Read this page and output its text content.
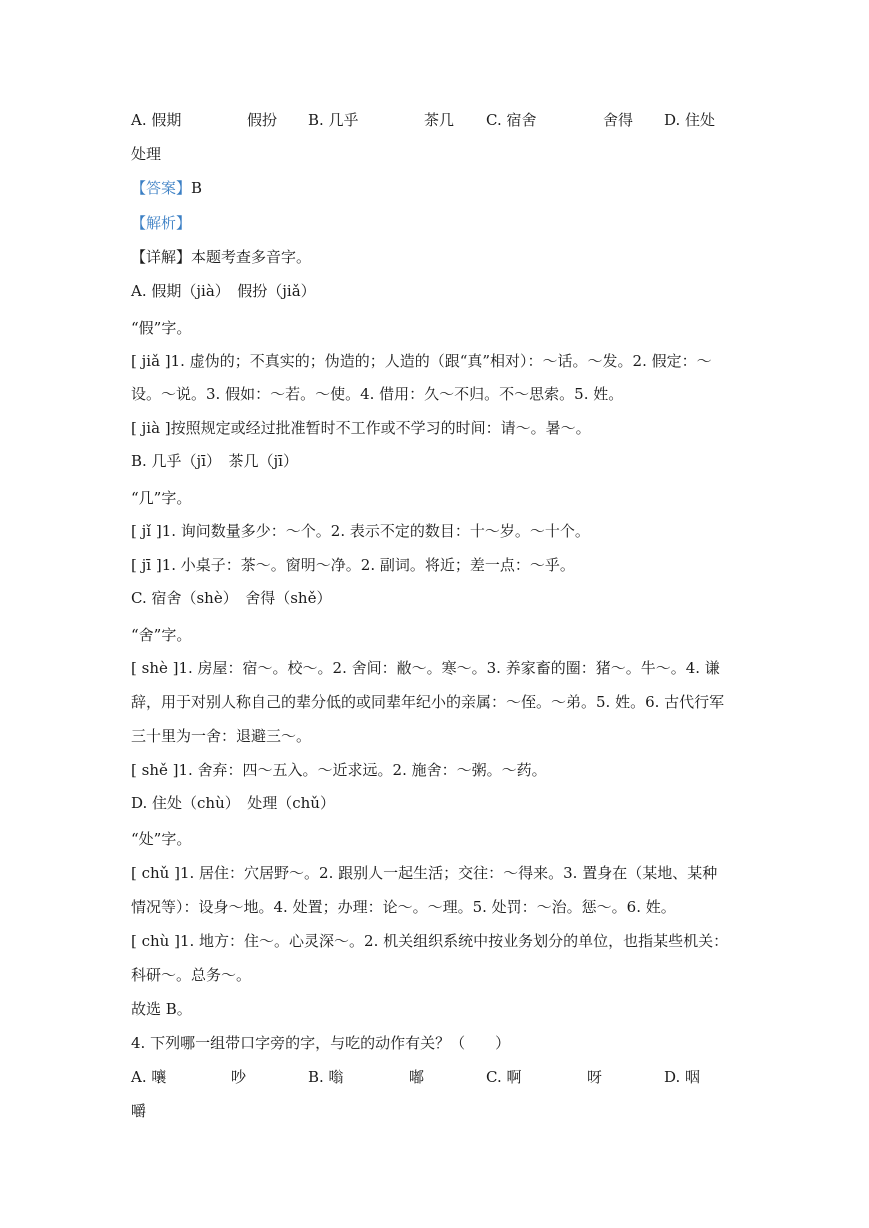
A. 假期	假扮 B. 几乎	茶几 C. 宿舍	舍得 D. 住处
处理
【答案】B
【解析】
【详解】本题考查多音字。
A. 假期（jià）　假扮（jiǎ）
“假”字。
[ jiǎ ]1. 虚伪的；不真实的；伪造的；人造的（跟“真”相对）：～话。～发。2. 假定：～
设。～说。3. 假如：～若。～使。4. 借用：久～不归。不～思索。5. 姓。
[ jià ]按照规定或经过批准暂时不工作或不学习的时间：请～。暑～。
B. 几乎（jī）　茶几（jī）
“几”字。
[ jǐ ]1. 询问数量多少：～个。2. 表示不定的数目：十～岁。～十个。
[ jī ]1. 小桌子：茶～。窗明～净。2. 副词。将近；差一点：～乎。
C. 宿舍（shè）　舍得（shě）
“舍”字。
[ shè ]1. 房屋：宿～。校～。2. 舍间：敝～。寒～。3. 养家畜的圈：猪～。牛～。4. 谦
辞，用于对别人称自己的辈分低的或同辈年纪小的亲属：～侄。～弟。5. 姓。6. 古代行军
三十里为一舍：退避三～。
[ shě ]1. 舍弃：四～五入。～近求远。2. 施舍：～粥。～药。
D. 住处（chù）　处理（chǔ）
“处”字。
[ chǔ ]1. 居住：穴居野～。2. 跟别人一起生活；交往：～得来。3. 置身在（某地、某种
情况等）：设身～地。4. 处置；办理：论～。～理。5. 处罚：～治。惩～。6. 姓。
[ chù ]1. 地方：住～。心灵深～。2. 机关组织系统中按业务划分的单位，也指某些机关：
科研～。总务～。
故选 B。
4. 下列哪一组带口字旁的字，与吃的动作有关？（　　）
A. 嚷	吵	B. 嗡	嘟	C. 啊	呀	D. 咽
嚼
